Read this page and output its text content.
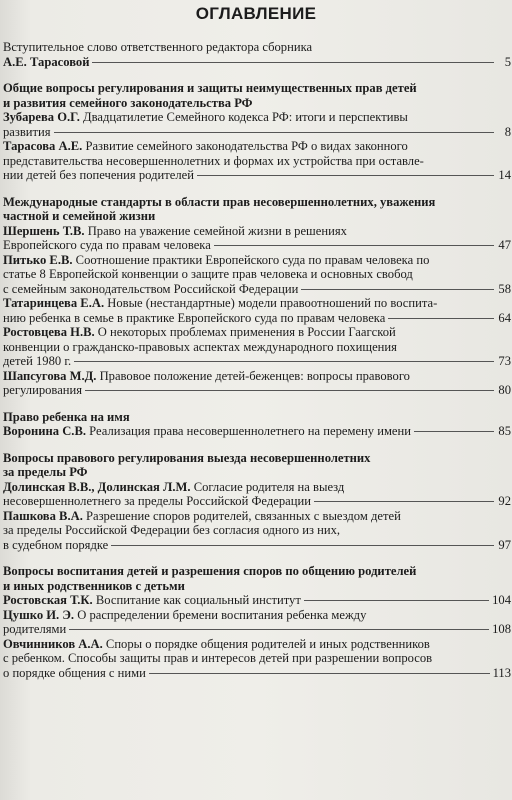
ОГЛАВЛЕНИЕ
Вступительное слово ответственного редактора сборника
А.Е. Тарасовой	5
Общие вопросы регулирования и защиты неимущественных прав детей
и развития семейного законодательства РФ
Зубарева О.Г. Двадцатилетие Семейного кодекса РФ: итоги и перспективы
развития	8
Тарасова А.Е. Развитие семейного законодательства РФ о видах законного
представительства несовершеннолетних и формах их устройства при оставле-
нии детей без попечения родителей	14
Международные стандарты в области прав несовершеннолетних, уважения
частной и семейной жизни
Шершень Т.В. Право на уважение семейной жизни в решениях
Европейского суда по правам человека	47
Питько Е.В. Соотношение практики Европейского суда по правам человека по
статье 8 Европейской конвенции о защите прав человека и основных свобод
с семейным законодательством Российской Федерации	58
Татаринцева Е.А. Новые (нестандартные) модели правоотношений по воспита-
нию ребенка в семье в практике Европейского суда по правам человека	64
Ростовцева Н.В. О некоторых проблемах применения в России Гаагской
конвенции о гражданско-правовых аспектах международного похищения
детей 1980 г.	73
Шапсугова М.Д. Правовое положение детей-беженцев: вопросы правового
регулирования	80
Право ребенка на имя
Воронина С.В. Реализация права несовершеннолетнего на перемену имени	85
Вопросы правового регулирования выезда несовершеннолетних
за пределы РФ
Долинская В.В., Долинская Л.М. Согласие родителя на выезд
несовершеннолетнего за пределы Российской Федерации	92
Пашкова В.А. Разрешение споров родителей, связанных с выездом детей
за пределы Российской Федерации без согласия одного из них,
в судебном порядке	97
Вопросы воспитания детей и разрешения споров по общению родителей
и иных родственников с детьми
Ростовская Т.К. Воспитание как социальный институт	104
Цушко И. Э. О распределении бремени воспитания ребенка между
родителями	108
Овчинников А.А. Споры о порядке общения родителей и иных родственников
с ребенком. Способы защиты прав и интересов детей при разрешении вопросов
о порядке общения с ними	113
